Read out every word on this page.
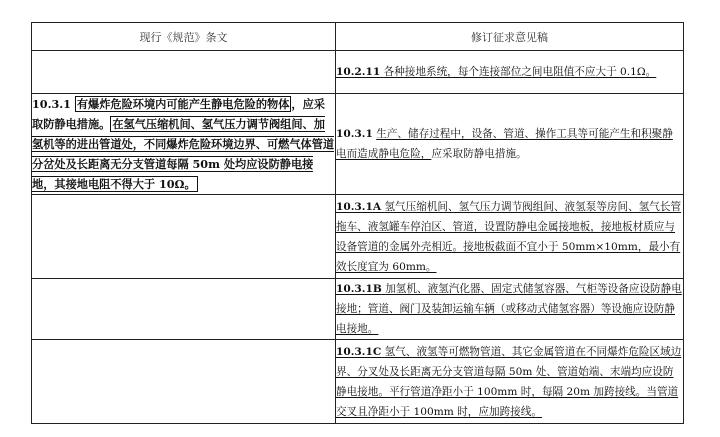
现行《规范》条文	修订征求意见稿
	10.2.11 各种接地系统，每个连接部位之间电阻值不应大于 0.1Ω。
10.3.1 有爆炸危险环境内可能产生静电危险的物体 ，应采取防静电措施。 在氢气压缩机间、氢气压力调节阀组间、加氢机等的进出管道处，不同爆炸危险环境边界、可燃气体管道分岔处及长距离无分支管道每隔 50m 处均应设防静电接地，其接地电阻不得大于 10Ω。	10.3.1 生产、储存过程中，设备、管道、操作工具等可能产生和积聚静电而造成静电危险，应采取防静电措施。
	10.3.1A 氢气压缩机间、氢气压力调节阀组间、液氢泵等房间、氢气长管拖车、液氢罐车停泊区、管道，设置防静电金属接地板，接地板材质应与设备管道的金属外壳相近。接地板截面不宜小于 50mm×10mm，最小有效长度宜为 60mm。
	10.3.1B 加氢机、液氢汽化器、固定式储氢容器、气柜等设备应设防静电接地；管道、阀门及装卸运输车辆（或移动式储氢容器）等设施应设防静电接地。
	10.3.1C 氢气、液氢等可燃物管道、其它金属管道在不同爆炸危险区域边界、分叉处及长距离无分支管道每隔 50m 处、管道始端、末端均应设防静电接地。平行管道净距小于 100mm 时，每隔 20m 加跨接线。当管道交叉且净距小于 100mm 时，应加跨接线。
